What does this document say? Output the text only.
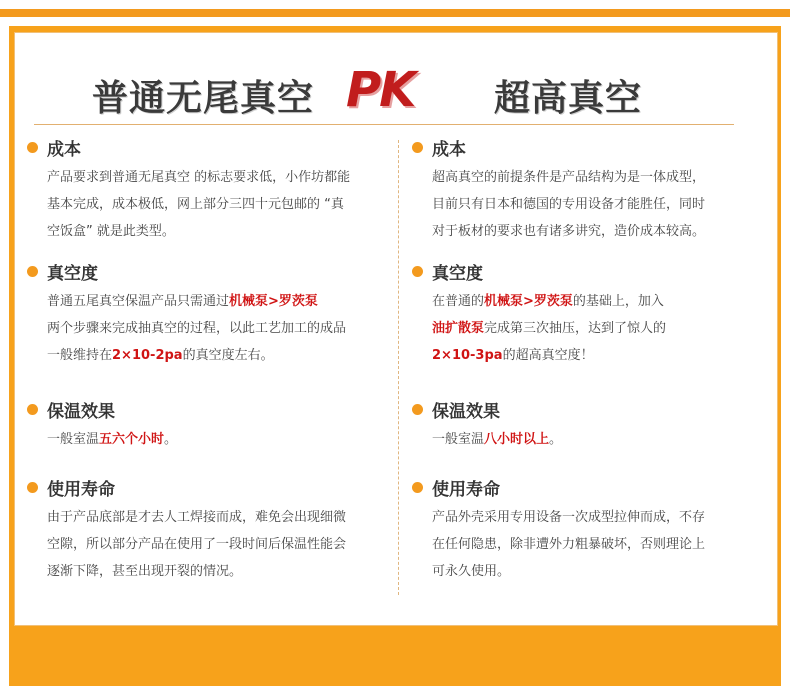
普通无尾真空 PK 超高真空
成本
产品要求到普通无尾真空 的标志要求低，小作坊都能
基本完成，成本极低，网上部分三四十元包邮的 “真
空饭盒” 就是此类型。
真空度
普通五尾真空保温产品只需通过机械泵>罗茨泵
两个步骤来完成抽真空的过程，以此工艺加工的成品
一般维持在2×10-2pa的真空度左右。
保温效果
一般室温五六个小时。
使用寿命
由于产品底部是才去人工焊接而成，难免会出现细微
空隙，所以部分产品在使用了一段时间后保温性能会
逐渐下降，甚至出现开裂的情况。
成本
超高真空的前提条件是产品结构为是一体成型，
目前只有日本和德国的专用设备才能胜任，同时
对于板材的要求也有诸多讲究，造价成本较高。
真空度
在普通的机械泵>罗茨泵的基础上，加入
油扩散泵完成第三次抽压，达到了惊人的
2×10-3pa的超高真空度！
保温效果
一般室温八小时以上。
使用寿命
产品外壳采用专用设备一次成型拉伸而成，不存
在任何隐患，除非遭外力粗暴破坏，否则理论上
可永久使用。
